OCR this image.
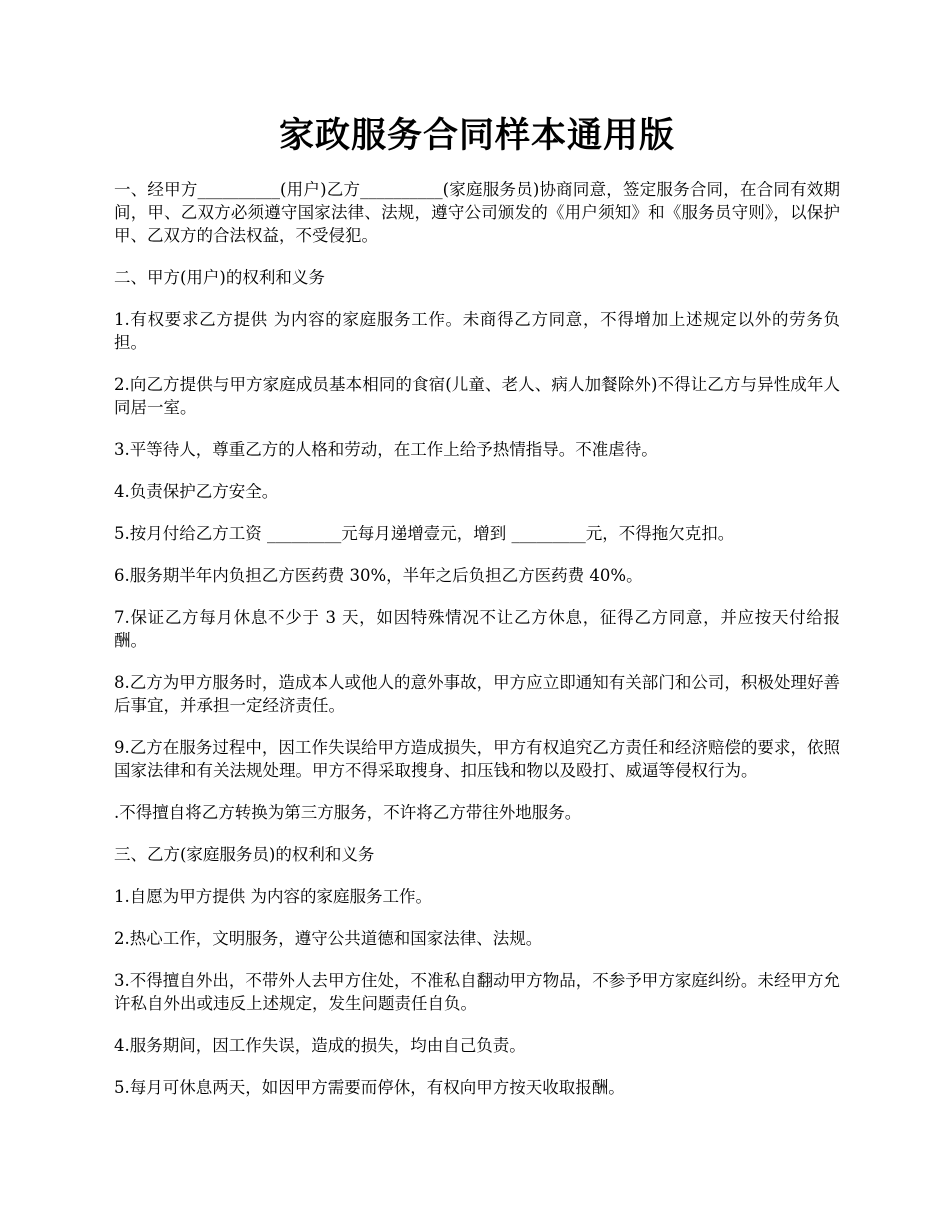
家政服务合同样本通用版

一、经甲方__________(用户)乙方__________(家庭服务员)协商同意，签定服务合同，在合同有效期间，甲、乙双方必须遵守国家法律、法规，遵守公司颁发的《用户须知》和《服务员守则》，以保护甲、乙双方的合法权益，不受侵犯。

二、甲方(用户)的权利和义务

1.有权要求乙方提供 为内容的家庭服务工作。未商得乙方同意，不得增加上述规定以外的劳务负担。

2.向乙方提供与甲方家庭成员基本相同的食宿(儿童、老人、病人加餐除外)不得让乙方与异性成年人同居一室。

3.平等待人，尊重乙方的人格和劳动，在工作上给予热情指导。不准虐待。

4.负责保护乙方安全。

5.按月付给乙方工资 _________元每月递增壹元，增到 _________元，不得拖欠克扣。

6.服务期半年内负担乙方医药费 30%，半年之后负担乙方医药费 40%。

7.保证乙方每月休息不少于 3 天，如因特殊情况不让乙方休息，征得乙方同意，并应按天付给报酬。

8.乙方为甲方服务时，造成本人或他人的意外事故，甲方应立即通知有关部门和公司，积极处理好善后事宜，并承担一定经济责任。

9.乙方在服务过程中，因工作失误给甲方造成损失，甲方有权追究乙方责任和经济赔偿的要求，依照国家法律和有关法规处理。甲方不得采取搜身、扣压钱和物以及殴打、威逼等侵权行为。

.不得擅自将乙方转换为第三方服务，不许将乙方带往外地服务。

三、乙方(家庭服务员)的权利和义务

1.自愿为甲方提供 为内容的家庭服务工作。

2.热心工作，文明服务，遵守公共道德和国家法律、法规。

3.不得擅自外出，不带外人去甲方住处，不准私自翻动甲方物品，不参予甲方家庭纠纷。未经甲方允许私自外出或违反上述规定，发生问题责任自负。

4.服务期间，因工作失误，造成的损失，均由自己负责。

5.每月可休息两天，如因甲方需要而停休，有权向甲方按天收取报酬。
